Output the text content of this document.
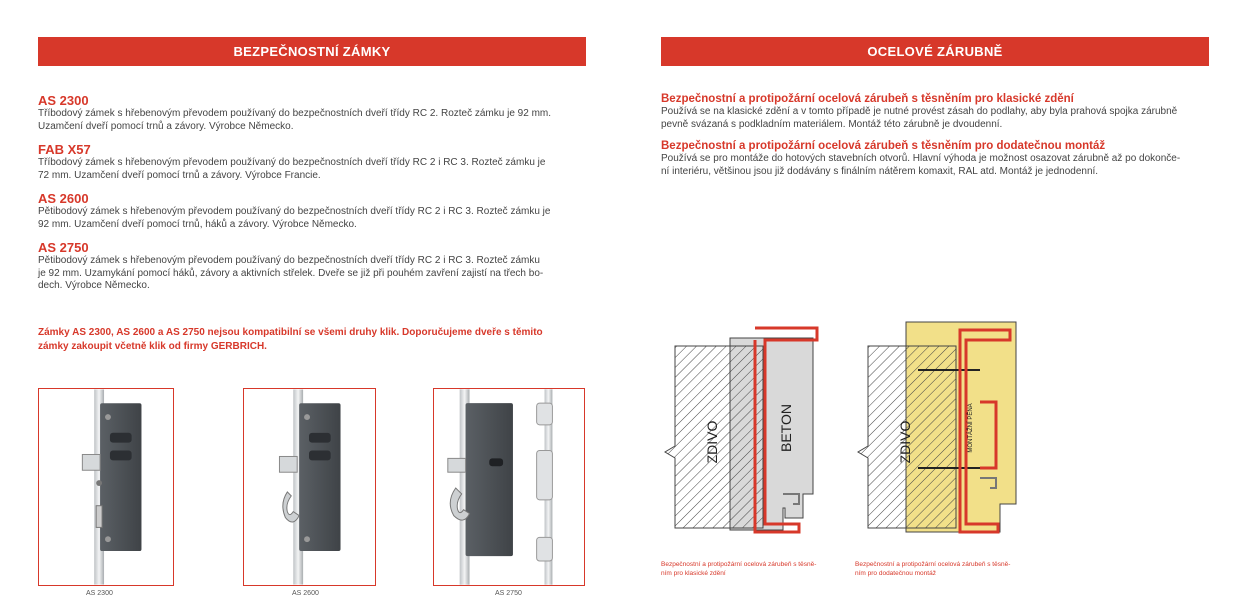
BEZPEČNOSTNÍ ZÁMKY	OCELOVÉ ZÁRUBNĚ
AS 2300
Tříbodový zámek s hřebenovým převodem používaný do bezpečnostních dveří třídy RC 2. Rozteč zámku je 92 mm.
Uzamčení dveří pomocí trnů a závory. Výrobce Německo.
FAB X57
Tříbodový zámek s hřebenovým převodem používaný do bezpečnostních dveří třídy RC 2 i RC 3. Rozteč zámku je
72 mm. Uzamčení dveří pomocí trnů a závory. Výrobce Francie.
AS 2600
Pětibodový zámek s hřebenovým převodem používaný do bezpečnostních dveří třídy RC 2 i RC 3. Rozteč zámku je
92 mm. Uzamčení dveří pomocí trnů, háků a závory. Výrobce Německo.
AS 2750
Pětibodový zámek s hřebenovým převodem používaný do bezpečnostních dveří třídy RC 2 i RC 3. Rozteč zámku
je 92 mm. Uzamykání pomocí háků, závory a aktivních střelek. Dveře se již při pouhém zavření zajistí na třech bo-
dech. Výrobce Německo.
Zámky AS 2300, AS 2600 a AS 2750 nejsou kompatibilní se všemi druhy klik. Doporučujeme dveře s těmito
zámky zakoupit včetně klik od firmy GERBRICH.
AS 2300	AS 2600	AS 2750
Bezpečnostní a protipožární ocelová zárubeň s těsněním pro klasické zdění
Používá se na klasické zdění a v tomto případě je nutné provést zásah do podlahy, aby byla prahová spojka zárubně
pevně svázaná s podkladním materiálem. Montáž této zárubně je dvoudenní.
Bezpečnostní a protipožární ocelová zárubeň s těsněním pro dodatečnou montáž
Používá se pro montáže do hotových stavebních otvorů. Hlavní výhoda je možnost osazovat zárubně až po dokonče-
ní interiéru, většinou jsou již dodávány s finálním nátěrem komaxit, RAL atd. Montáž je jednodenní.
ZDIVO	BETON
Bezpečnostní a protipožární ocelová zárubeň s těsně-
ním pro klasické zdění
ZDIVO	MONTÁŽNÍ PĚNA
Bezpečnostní a protipožární ocelová zárubeň s těsně-
ním pro dodatečnou montáž
